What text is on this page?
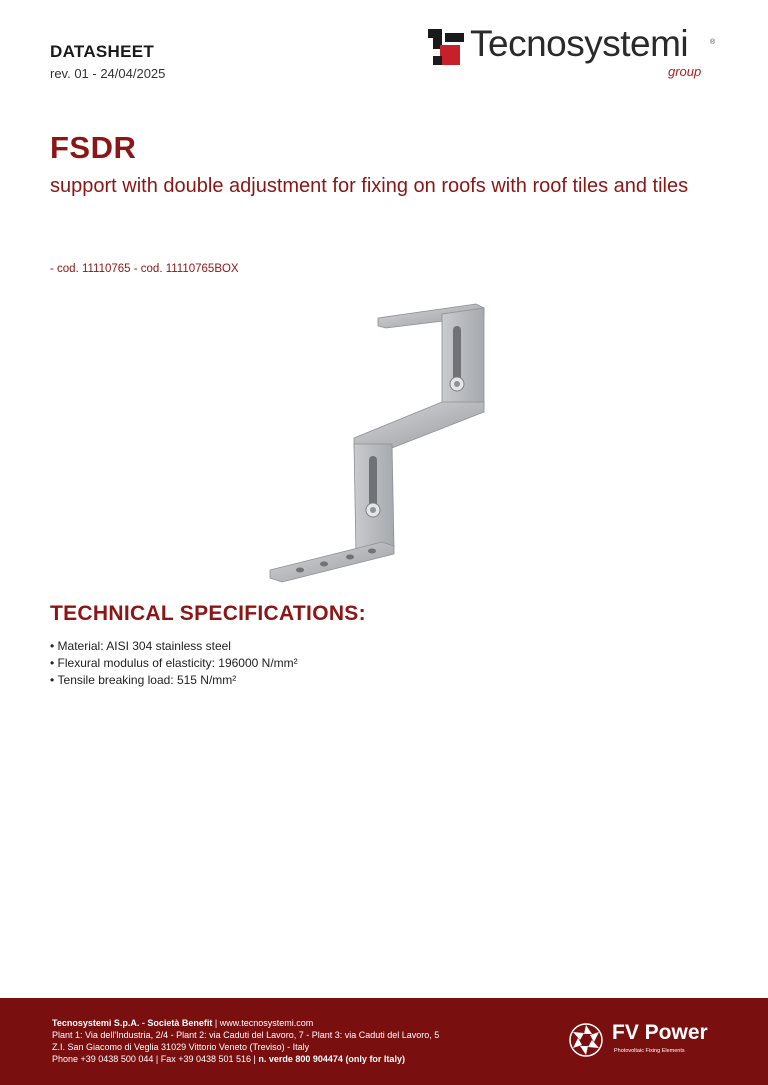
DATASHEET
rev. 01 - 24/04/2025
Tecnosystemi	®
group
FSDR
support with double adjustment for fixing on roofs with roof tiles and tiles
- cod. 11110765 - cod. 11110765BOX
TECHNICAL SPECIFICATIONS:
• Material: AISI 304 stainless steel
• Flexural modulus of elasticity: 196000 N/mm²
• Tensile breaking load: 515 N/mm²
Tecnosystemi S.p.A. - Società Benefit | www.tecnosystemi.com
Plant 1: Via dell'Industria, 2/4 - Plant 2: via Caduti del Lavoro, 7 - Plant 3: via Caduti del Lavoro, 5
Z.I. San Giacomo di Veglia 31029 Vittorio Veneto (Treviso) - Italy
Phone +39 0438 500 044 | Fax +39 0438 501 516 | n. verde 800 904474 (only for Italy)
FV Power
Photovoltaic Fixing Elements
